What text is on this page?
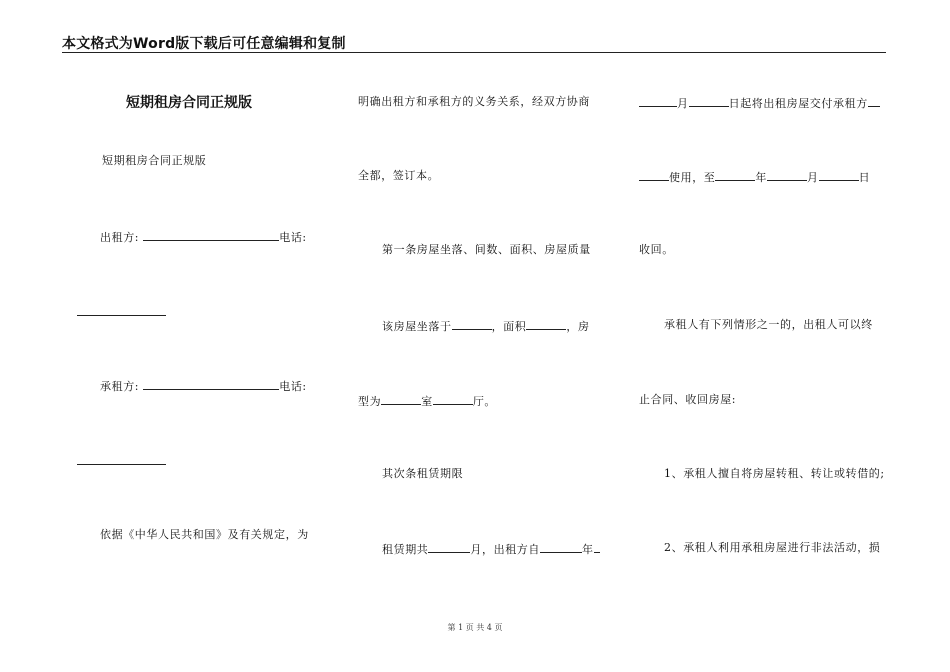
本文格式为Word版下载后可任意编辑和复制
短期租房合同正规版
短期租房合同正规版
出租方:	电话:
承租方:	电话:
依据《中华人民共和国》及有关规定，为
明确出租方和承租方的义务关系，经双方协商
全都，签订本。
第一条房屋坐落、间数、面积、房屋质量
该房屋坐落于	，面积	，房
型为	室	厅。
其次条租赁期限
租赁期共	月，出租方自	年
月	日起将出租房屋交付承租方
使用，至	年	月	日
收回。
承租人有下列情形之一的，出租人可以终
止合同、收回房屋:
1、承租人擅自将房屋转租、转让或转借的;
2、承租人利用承租房屋进行非法活动，损
第 1 页 共 4 页
